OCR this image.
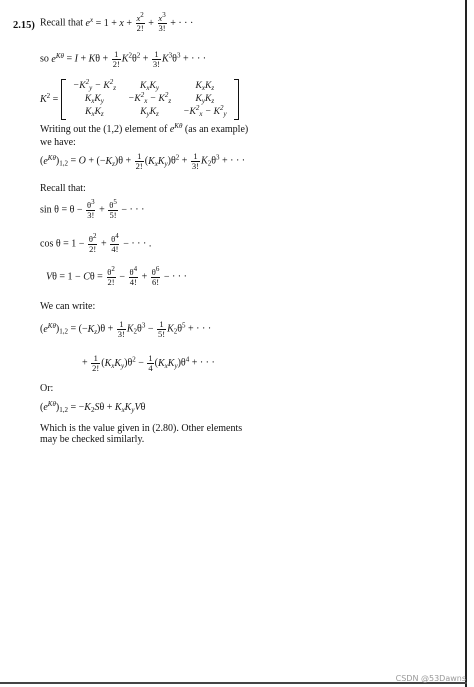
2.15) Recall that $e^x = 1 + x + \frac{x^2}{2!} + \frac{x^3}{3!}$ + · · ·
so $e^{K\theta} = I + K\theta + \frac{1}{2!} K^2\theta^2 + \frac{1}{3!} K^3\theta^3$ + · · ·
$K^2$ =
$-K^2_y - K^2_z$	$K_xK_y$	$K_xK_z$
$K_xK_y$	$-K^2_x - K^2_z$	$K_yK_z$
$K_xK_z$	$K_yK_z$	$-K^2_x - K^2_y$
Writing out the (1,2) element of $e^{K\theta}$ (as an example)
we have:
$(e^{K\theta})_{1,2} = O + (-K_z)\theta + \frac{1}{2!} (K_xK_y)\theta^2 + \frac{1}{3!} K_2\theta^3$ + · · ·
Recall that:
$\sin \theta = \theta - \frac{\theta^3}{3!} + \frac{\theta^5}{5!}$ − · · ·
$\cos \theta = 1 - \frac{\theta^2}{2!} + \frac{\theta^4}{4!}$ − · · · .
$V\theta = 1 - C\theta = \frac{\theta^2}{2!} - \frac{\theta^4}{4!} + \frac{\theta^6}{6!}$ − · · ·
We can write:
$(e^{K\theta})_{1,2} = (-K_z)\theta + \frac{1}{3!} K_2\theta^3 - \frac{1}{5!} K_2\theta^5$ + · · ·
+ $\frac{1}{2!} (K_xK_y)\theta^2 - \frac{1}{4} (K_xK_y)\theta^4$ + · · ·
Or:
$(e^{K\theta})_{1,2} = -K_2S\theta + K_xK_yV\theta$
Which is the value given in (2.80). Other elements
may be checked similarly.
CSDN @53Dawns
